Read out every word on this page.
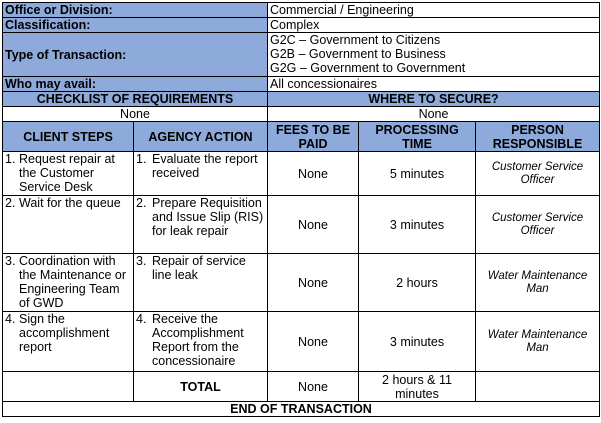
Office or Division:		Commercial / Engineering		
Classification:		Complex		
Type of Transaction:		G2C – Government to Citizens
G2B – Government to Business
G2G – Government to Government		

Who may avail:		All concessionaires		
CHECKLIST OF REQUIREMENTS		WHERE TO SECURE?		
None		None		
CLIENT STEPS	AGENCY ACTION	FEES TO BE PAID	PROCESSING TIME	PERSON RESPONSIBLE

1. Request repair at the Customer Service Desk	1. Evaluate the report received	None	5 minutes	Customer Service Officer

2. Wait for the queue	2. Prepare Requisition and Issue Slip (RIS) for leak repair	None	3 minutes	Customer Service Officer

3. Coordination with the Maintenance or Engineering Team of GWD	3. Repair of service line leak	None	2 hours	Water Maintenance Man

4. Sign the accomplishment report	4. Receive the Accomplishment Report from the concessionaire	None	3 minutes	Water Maintenance Man
	TOTAL	None	2 hours & 11 minutes	
END OF TRANSACTION				
